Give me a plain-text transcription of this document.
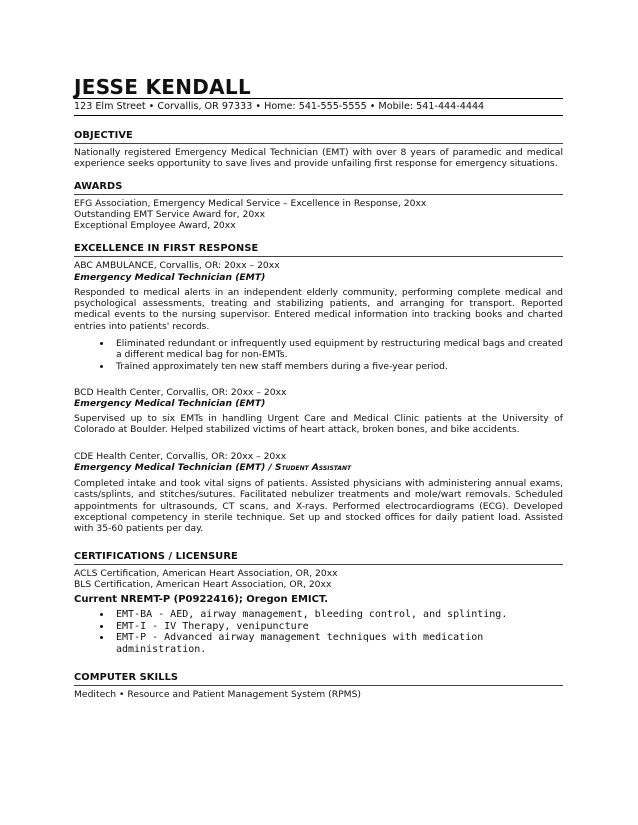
JESSE KENDALL
123 Elm Street • Corvallis, OR 97333 • Home: 541-555-5555 • Mobile: 541-444-4444
OBJECTIVE
Nationally registered Emergency Medical Technician (EMT) with over 8 years of paramedic and medical experience seeks opportunity to save lives and provide unfailing first response for emergency situations.
AWARDS
EFG Association, Emergency Medical Service – Excellence in Response, 20xx
Outstanding EMT Service Award for, 20xx
Exceptional Employee Award, 20xx
EXCELLENCE IN FIRST RESPONSE
ABC AMBULANCE, Corvallis, OR: 20xx – 20xx
Emergency Medical Technician (EMT)
Responded to medical alerts in an independent elderly community, performing complete medical and psychological assessments, treating and stabilizing patients, and arranging for transport. Reported medical events to the nursing supervisor. Entered medical information into tracking books and charted entries into patients' records.
• Eliminated redundant or infrequently used equipment by restructuring medical bags and created a different medical bag for non-EMTs.
• Trained approximately ten new staff members during a five-year period.
BCD Health Center, Corvallis, OR: 20xx – 20xx
Emergency Medical Technician (EMT)
Supervised up to six EMTs in handling Urgent Care and Medical Clinic patients at the University of Colorado at Boulder. Helped stabilized victims of heart attack, broken bones, and bike accidents.
CDE Health Center, Corvallis, OR: 20xx – 20xx
Emergency Medical Technician (EMT) / Student Assistant
Completed intake and took vital signs of patients. Assisted physicians with administering annual exams, casts/splints, and stitches/sutures. Facilitated nebulizer treatments and mole/wart removals. Scheduled appointments for ultrasounds, CT scans, and X-rays. Performed electrocardiograms (ECG). Developed exceptional competency in sterile technique. Set up and stocked offices for daily patient load. Assisted with 35-60 patients per day.
CERTIFICATIONS / LICENSURE
ACLS Certification, American Heart Association, OR, 20xx
BLS Certification, American Heart Association, OR, 20xx
Current NREMT-P (P0922416); Oregon EMICT.
• EMT-BA - AED, airway management, bleeding control, and splinting.
• EMT-I - IV Therapy, venipuncture
• EMT-P - Advanced airway management techniques with medication administration.
COMPUTER SKILLS
Meditech • Resource and Patient Management System (RPMS)
